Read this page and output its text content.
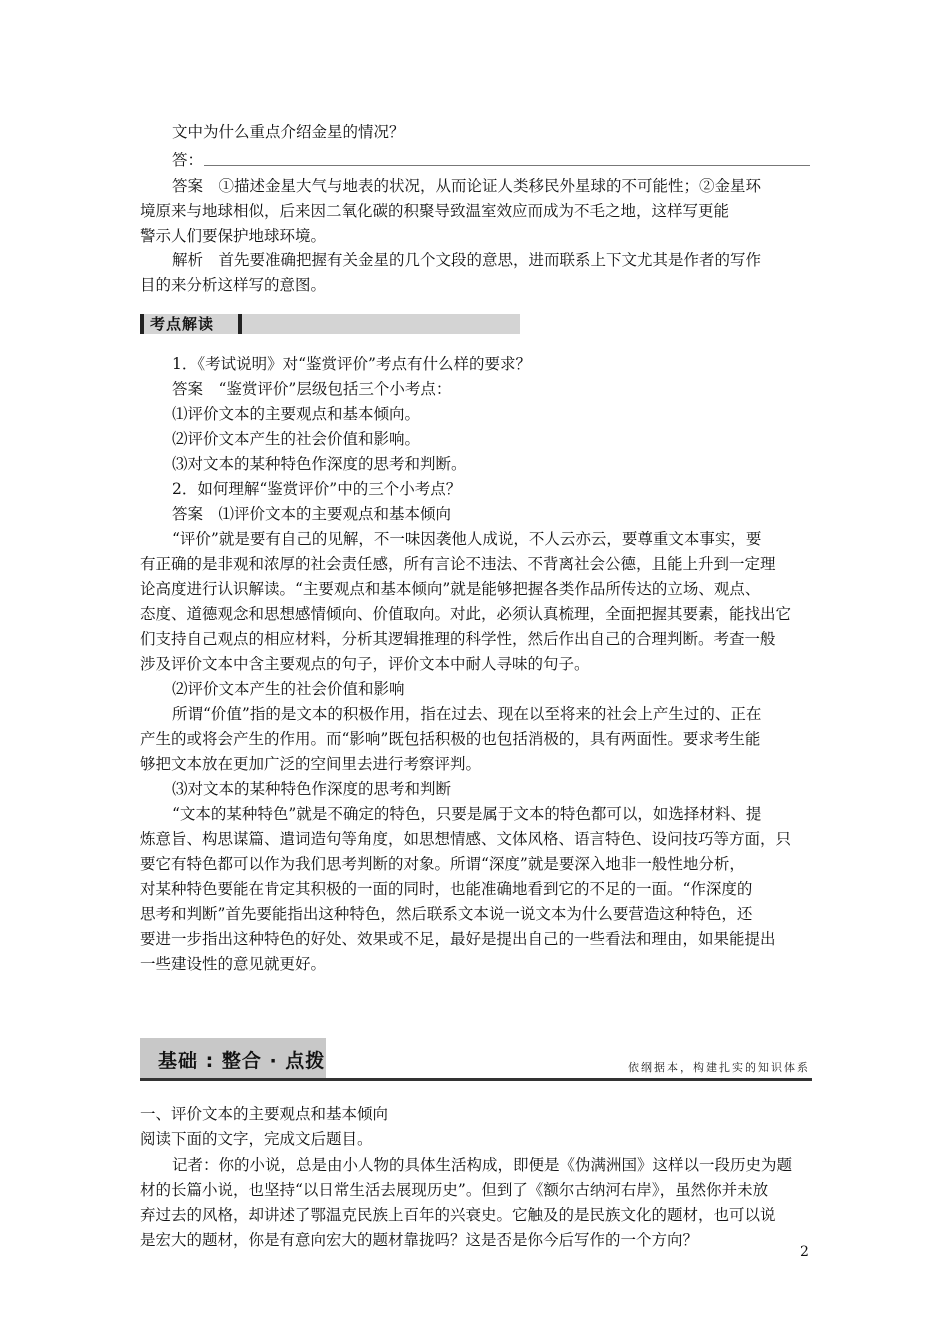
文中为什么重点介绍金星的情况？
答：
答案　①描述金星大气与地表的状况，从而论证人类移民外星球的不可能性；②金星环
境原来与地球相似，后来因二氧化碳的积聚导致温室效应而成为不毛之地，这样写更能
警示人们要保护地球环境。
解析　首先要准确把握有关金星的几个文段的意思，进而联系上下文尤其是作者的写作
目的来分析这样写的意图。
考点解读
1．《考试说明》对“鉴赏评价”考点有什么样的要求？
答案　“鉴赏评价”层级包括三个小考点：
⑴评价文本的主要观点和基本倾向。
⑵评价文本产生的社会价值和影响。
⑶对文本的某种特色作深度的思考和判断。
2．如何理解“鉴赏评价”中的三个小考点？
答案　⑴评价文本的主要观点和基本倾向
“评价”就是要有自己的见解，不一味因袭他人成说，不人云亦云，要尊重文本事实，要
有正确的是非观和浓厚的社会责任感，所有言论不违法、不背离社会公德，且能上升到一定理
论高度进行认识解读。“主要观点和基本倾向”就是能够把握各类作品所传达的立场、观点、
态度、道德观念和思想感情倾向、价值取向。对此，必须认真梳理，全面把握其要素，能找出它
们支持自己观点的相应材料，分析其逻辑推理的科学性，然后作出自己的合理判断。考查一般
涉及评价文本中含主要观点的句子，评价文本中耐人寻味的句子。
⑵评价文本产生的社会价值和影响
所谓“价值”指的是文本的积极作用，指在过去、现在以至将来的社会上产生过的、正在
产生的或将会产生的作用。而“影响”既包括积极的也包括消极的，具有两面性。要求考生能
够把文本放在更加广泛的空间里去进行考察评判。
⑶对文本的某种特色作深度的思考和判断
“文本的某种特色”就是不确定的特色，只要是属于文本的特色都可以，如选择材料、提
炼意旨、构思谋篇、遣词造句等角度，如思想情感、文体风格、语言特色、设问技巧等方面，只
要它有特色都可以作为我们思考判断的对象。所谓“深度”就是要深入地非一般性地分析，
对某种特色要能在肯定其积极的一面的同时，也能准确地看到它的不足的一面。“作深度的
思考和判断”首先要能指出这种特色，然后联系文本说一说文本为什么要营造这种特色，还
要进一步指出这种特色的好处、效果或不足，最好是提出自己的一些看法和理由，如果能提出
一些建设性的意见就更好。
基础 : 整合 · 点拨	依纲据本，构建扎实的知识体系
一、评价文本的主要观点和基本倾向
阅读下面的文字，完成文后题目。
记者：你的小说，总是由小人物的具体生活构成，即便是《伪满洲国》这样以一段历史为题
材的长篇小说，也坚持“以日常生活去展现历史”。但到了《额尔古纳河右岸》，虽然你并未放
弃过去的风格，却讲述了鄂温克民族上百年的兴衰史。它触及的是民族文化的题材，也可以说
是宏大的题材，你是有意向宏大的题材靠拢吗？这是否是你今后写作的一个方向？
2
